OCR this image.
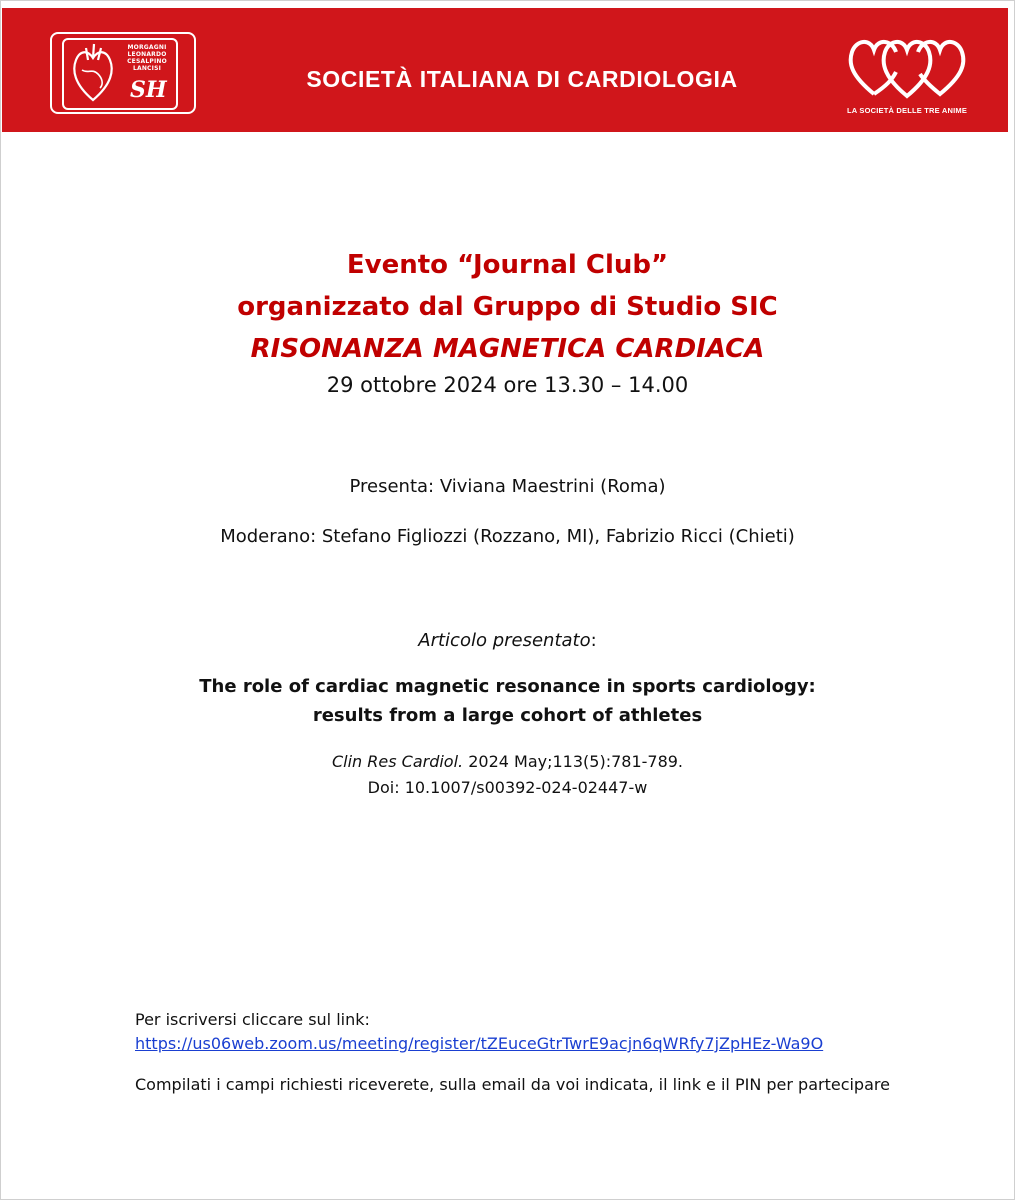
MORGAGNI
LEONARDO
CESALPINO
LANCISI
SH	SOCIETÀ ITALIANA DI CARDIOLOGIA
LA SOCIETÀ DELLE TRE ANIME
Evento “Journal Club”
organizzato dal Gruppo di Studio SIC
RISONANZA MAGNETICA CARDIACA
29 ottobre 2024 ore 13.30 – 14.00
Presenta: Viviana Maestrini (Roma)
Moderano: Stefano Figliozzi (Rozzano, MI), Fabrizio Ricci (Chieti)
Articolo presentato:
The role of cardiac magnetic resonance in sports cardiology:
results from a large cohort of athletes
Clin Res Cardiol. 2024 May;113(5):781-789.
Doi: 10.1007/s00392-024-02447-w
Per iscriversi cliccare sul link:
https://us06web.zoom.us/meeting/register/tZEuceGtrTwrE9acjn6qWRfy7jZpHEz-Wa9O
Compilati i campi richiesti riceverete, sulla email da voi indicata, il link e il PIN per partecipare
